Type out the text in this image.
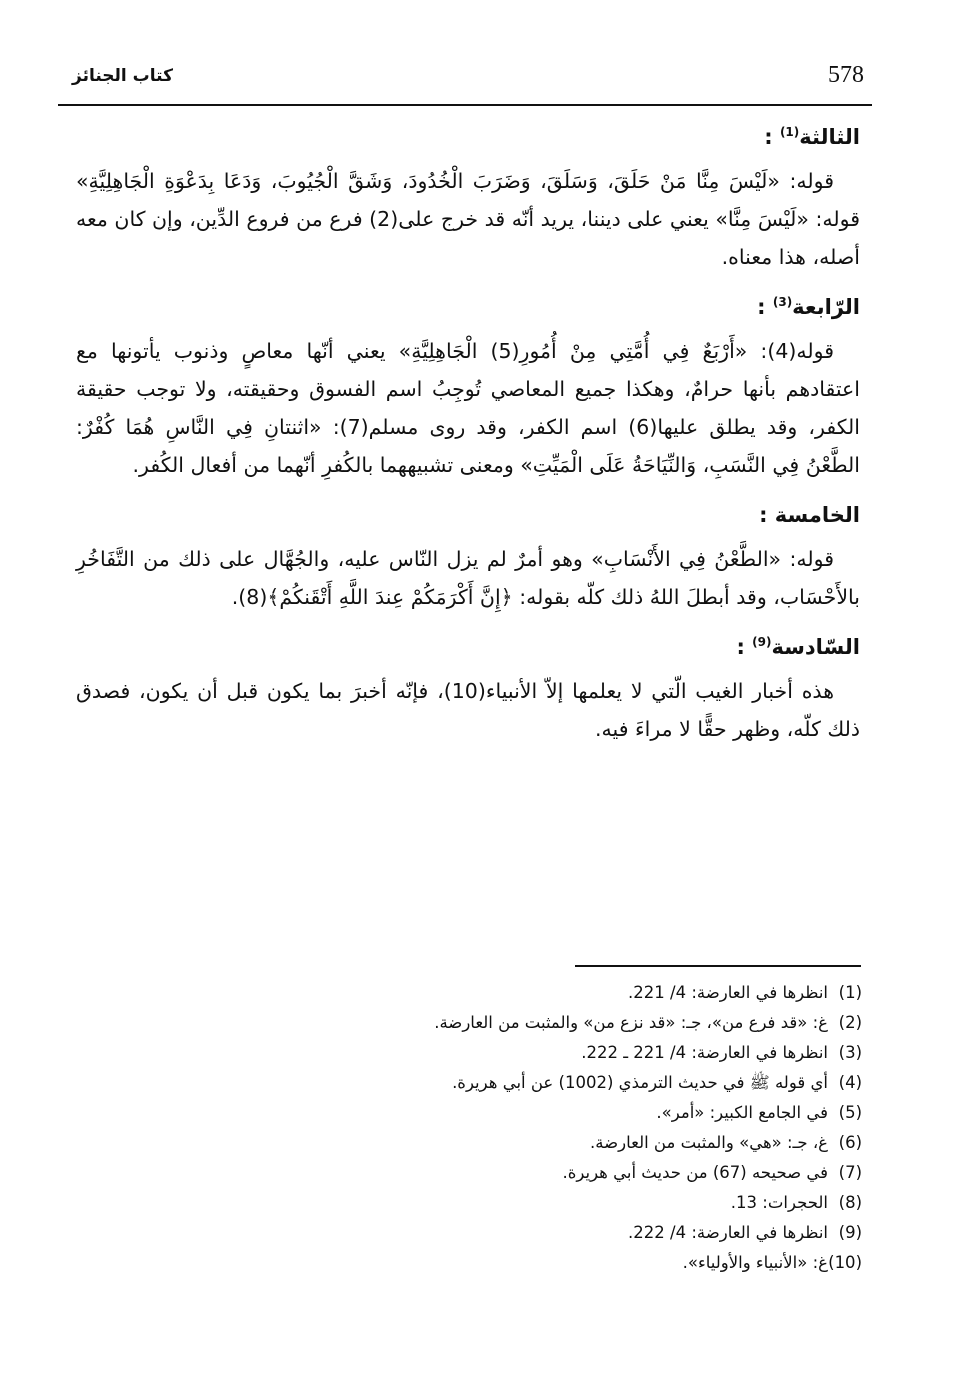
578
كتاب الجنائز

الثالثة$^{(1)}$ :

قوله: «لَيْسَ مِنَّا مَنْ حَلَقَ، وَسَلَقَ، وَضَرَبَ الْخُدُودَ، وَشَقَّ الْجُيُوبَ، وَدَعَا بِدَعْوَةِ الْجَاهِلِيَّةِ» قوله: «لَيْسَ مِنَّا» يعني على ديننا، يريد أنّه قد خرج على(2) فرع من فروع الدِّين، وإن كان معه أصله، هذا معناه.

الرّابعة$^{(3)}$ :

قوله(4): «أَرْبَعٌ فِي أُمَّتِي مِنْ أُمُورِ(5) الْجَاهِلِيَّةِ» يعني أنّها معاصٍ وذنوب يأتونها مع اعتقادهم بأنها حرامٌ، وهكذا جميع المعاصي تُوجِبُ اسم الفسوق وحقيقته، ولا توجب حقيقة الكفر، وقد يطلق عليها(6) اسم الكفر، وقد روى مسلم(7): «اثنتانِ فِي النَّاسِ هُمَا كُفْرٌ: الطَّعْنُ فِي النَّسَبِ، وَالنِّيَاحَةُ عَلَى الْمَيِّتِ» ومعنى تشبيههما بالكُفرِ أنّهما من أفعال الكُفر.

الخامسة :

قوله: «الطَّعْنُ فِي الأَنْسَابِ» وهو أمرٌ لم يزل النّاس عليه، والجُهَّال على ذلك من التَّفَاخُرِ بالأَحْسَاب، وقد أبطلَ اللهُ ذلك كلّه بقوله: ﴿إِنَّ أَكْرَمَكُمْ عِندَ اللَّهِ أَتْقَنكُمْ﴾(8).

السّادسة$^{(9)}$ :

هذه أخبار الغيب الّتي لا يعلمها إلاّ الأنبياء(10)، فإنّه أخبرَ بما يكون قبل أن يكون، فصدق ذلك كلّه، وظهر حقًّا لا مراءَ فيه.

(1)
انظرها في العارضة: 4/ 221.
(2)
غ: «قد فرع من»، جـ: «قد نزع من» والمثبت من العارضة.
(3)
انظرها في العارضة: 4/ 221 ـ 222.
(4)
أي قوله ﷺ في حديث الترمذي (1002) عن أبي هريرة.
(5)
في الجامع الكبير: «أمر».
(6)
غ، جـ: «هي» والمثبت من العارضة.
(7)
في صحيحه (67) من حديث أبي هريرة.
(8)
الحجرات: 13.
(9)
انظرها في العارضة: 4/ 222.
(10)
غ: «الأنبياء والأولياء».
